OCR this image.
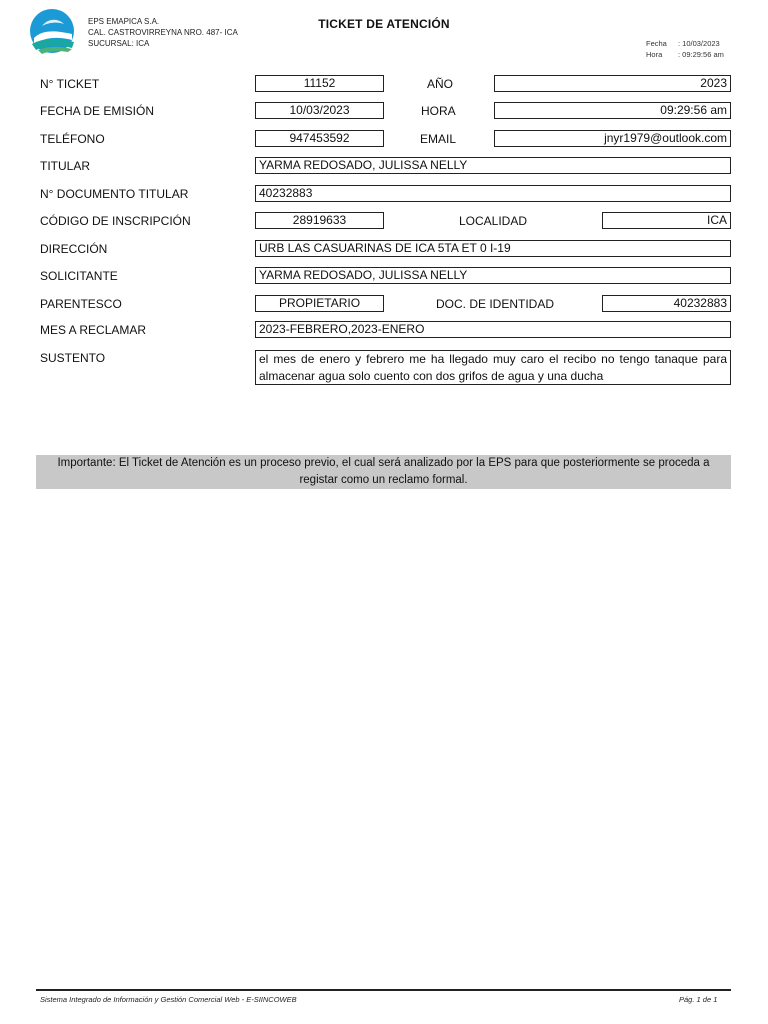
EPS EMAPICA S.A.
CAL. CASTROVIRREYNA NRO. 487- ICA
SUCURSAL: ICA
TICKET DE ATENCIÓN
Fecha	: 10/03/2023
Hora	: 09:29:56 am
N° TICKET	11152	AÑO	2023
FECHA DE EMISIÓN	10/03/2023	HORA	09:29:56 am
TELÉFONO	947453592	EMAIL	jnyr1979@outlook.com
TITULAR	YARMA REDOSADO, JULISSA NELLY
N° DOCUMENTO TITULAR	40232883
CÓDIGO DE INSCRIPCIÓN	28919633	LOCALIDAD	ICA
DIRECCIÓN	URB LAS CASUARINAS DE ICA 5TA ET 0 I-19
SOLICITANTE	YARMA REDOSADO, JULISSA NELLY
PARENTESCO	PROPIETARIO	DOC. DE IDENTIDAD	40232883
MES A RECLAMAR	2023-FEBRERO,2023-ENERO
SUSTENTO	el mes de enero y febrero me ha llegado muy caro el recibo no tengo tanaque para almacenar agua solo cuento con dos grifos de agua y una ducha
Importante: El Ticket de Atención es un proceso previo, el cual será analizado por la EPS para que posteriormente se proceda a registar como un reclamo formal.
Sistema Integrado de Información y Gestión Comercial Web - E-SIINCOWEB	Pág. 1 de 1
